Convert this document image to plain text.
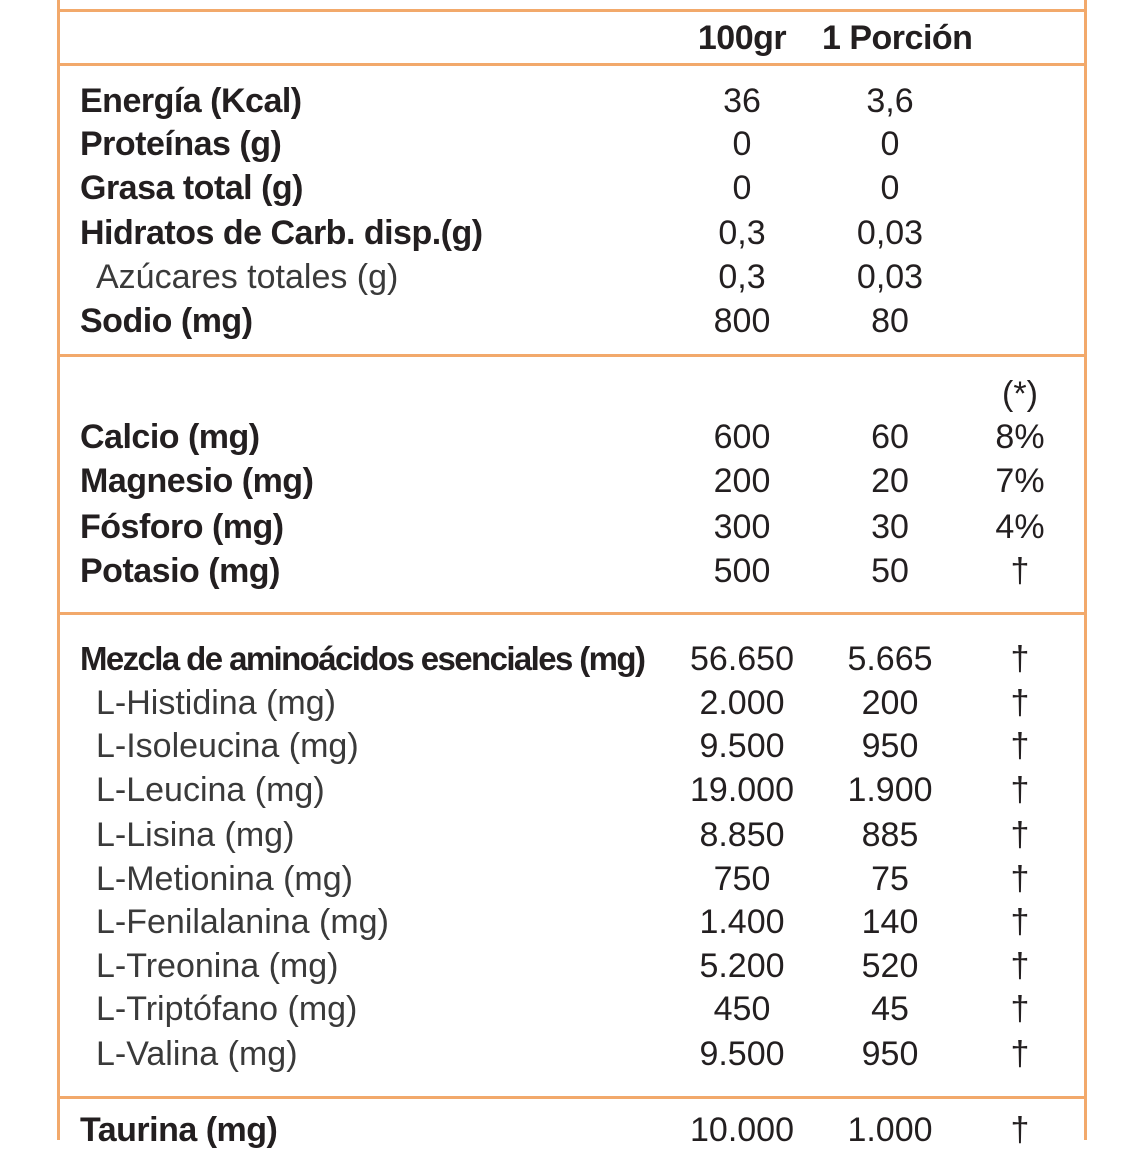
100gr	1 Porción
Energía (Kcal)	36	3,6
Proteínas (g)	0	0
Grasa total (g)	0	0
Hidratos de Carb. disp.(g)	0,3	0,03
Azúcares totales (g)	0,3	0,03
Sodio (mg)	800	80
(*)
Calcio (mg)	600	60	8%
Magnesio (mg)	200	20	7%
Fósforo (mg)	300	30	4%
Potasio (mg)	500	50	†
Mezcla de aminoácidos esenciales (mg)	56.650	5.665	†
L-Histidina (mg)	2.000	200	†
L-Isoleucina (mg)	9.500	950	†
L-Leucina (mg)	19.000	1.900	†
L-Lisina (mg)	8.850	885	†
L-Metionina (mg)	750	75	†
L-Fenilalanina (mg)	1.400	140	†
L-Treonina (mg)	5.200	520	†
L-Triptófano (mg)	450	45	†
L-Valina (mg)	9.500	950	†
Taurina (mg)	10.000	1.000	†
